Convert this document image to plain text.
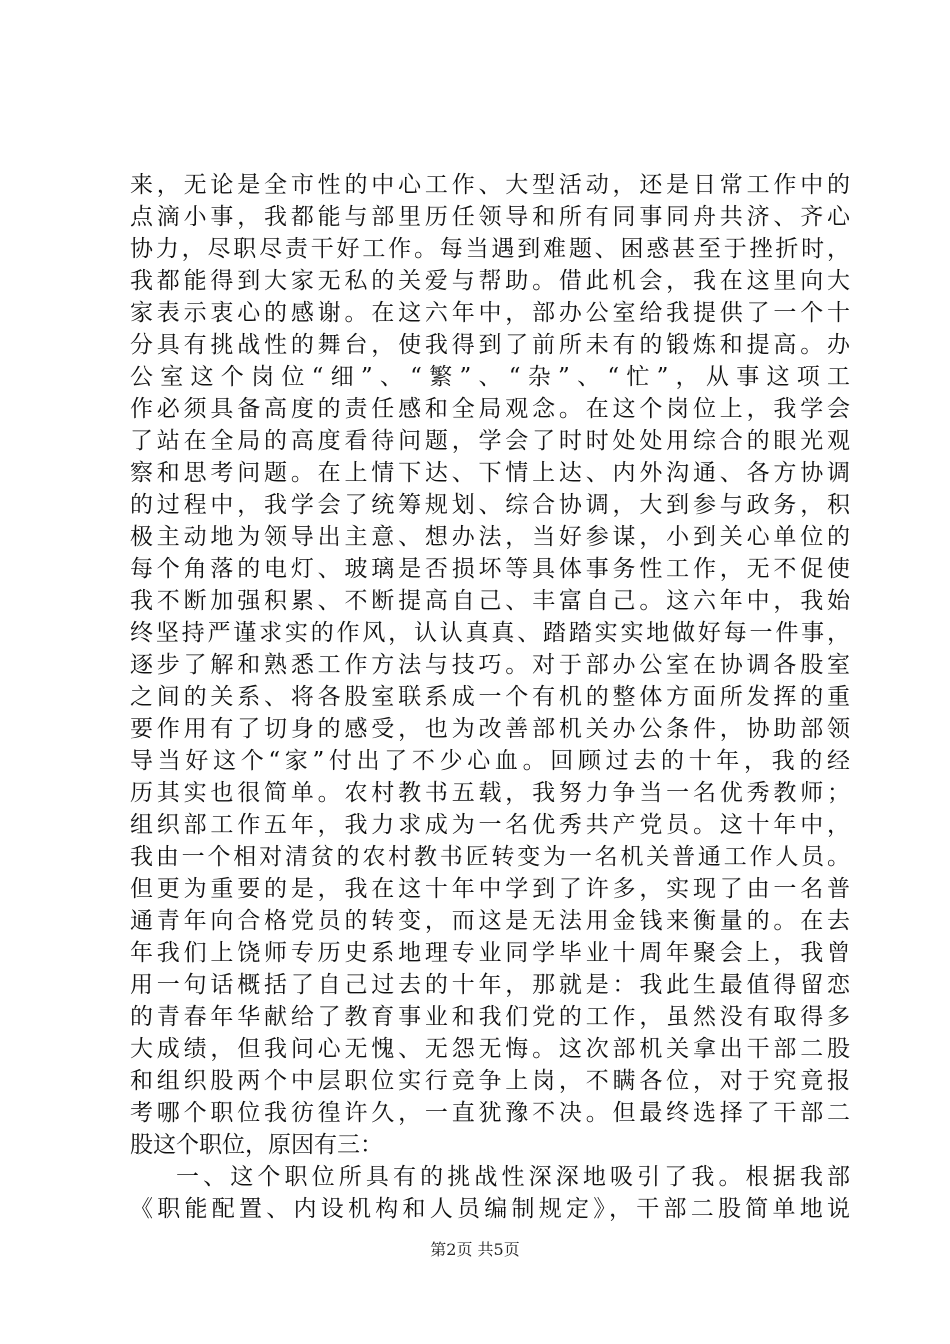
来，无论是全市性的中心工作、大型活动，还是日常工作中的
点滴小事，我都能与部里历任领导和所有同事同舟共济、齐心
协力，尽职尽责干好工作。每当遇到难题、困惑甚至于挫折时，
我都能得到大家无私的关爱与帮助。借此机会，我在这里向大
家表示衷心的感谢。在这六年中，部办公室给我提供了一个十
分具有挑战性的舞台，使我得到了前所未有的锻炼和提高。办
公室这个岗位“细”、“繁”、“杂”、“忙”，从事这项工
作必须具备高度的责任感和全局观念。在这个岗位上，我学会
了站在全局的高度看待问题，学会了时时处处用综合的眼光观
察和思考问题。在上情下达、下情上达、内外沟通、各方协调
的过程中，我学会了统筹规划、综合协调，大到参与政务，积
极主动地为领导出主意、想办法，当好参谋，小到关心单位的
每个角落的电灯、玻璃是否损坏等具体事务性工作，无不促使
我不断加强积累、不断提高自己、丰富自己。这六年中，我始
终坚持严谨求实的作风，认认真真、踏踏实实地做好每一件事，
逐步了解和熟悉工作方法与技巧。对于部办公室在协调各股室
之间的关系、将各股室联系成一个有机的整体方面所发挥的重
要作用有了切身的感受，也为改善部机关办公条件，协助部领
导当好这个“家”付出了不少心血。回顾过去的十年，我的经
历其实也很简单。农村教书五载，我努力争当一名优秀教师；
组织部工作五年，我力求成为一名优秀共产党员。这十年中，
我由一个相对清贫的农村教书匠转变为一名机关普通工作人员。
但更为重要的是，我在这十年中学到了许多，实现了由一名普
通青年向合格党员的转变，而这是无法用金钱来衡量的。在去
年我们上饶师专历史系地理专业同学毕业十周年聚会上，我曾
用一句话概括了自己过去的十年，那就是：我此生最值得留恋
的青春年华献给了教育事业和我们党的工作，虽然没有取得多
大成绩，但我问心无愧、无怨无悔。这次部机关拿出干部二股
和组织股两个中层职位实行竞争上岗，不瞒各位，对于究竟报
考哪个职位我彷徨许久，一直犹豫不决。但最终选择了干部二
股这个职位，原因有三：
一、这个职位所具有的挑战性深深地吸引了我。根据我部
《职能配置、内设机构和人员编制规定》，干部二股简单地说
第2页 共5页
